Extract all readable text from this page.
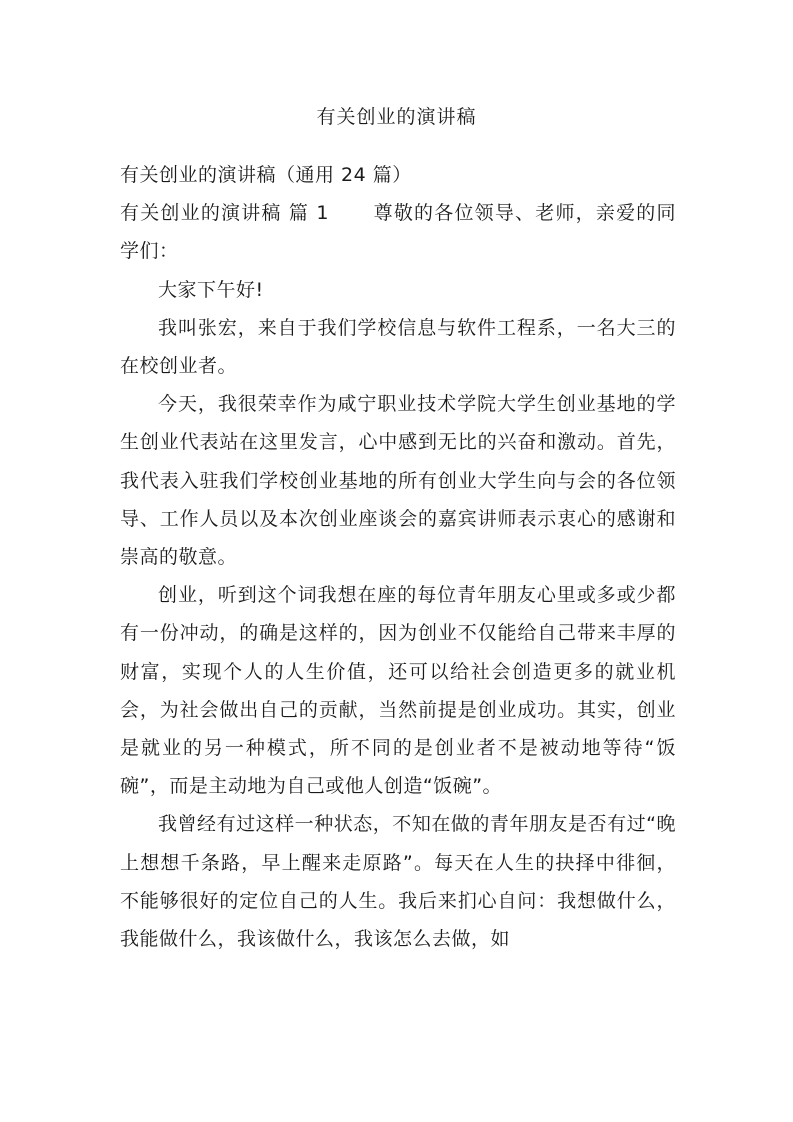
有关创业的演讲稿

有关创业的演讲稿（通用 24 篇）

有关创业的演讲稿 篇 1 尊敬的各位领导、老师，亲爱的同学们：

大家下午好!

我叫张宏，来自于我们学校信息与软件工程系，一名大三的在校创业者。

今天，我很荣幸作为咸宁职业技术学院大学生创业基地的学生创业代表站在这里发言，心中感到无比的兴奋和激动。首先，我代表入驻我们学校创业基地的所有创业大学生向与会的各位领导、工作人员以及本次创业座谈会的嘉宾讲师表示衷心的感谢和崇高的敬意。

创业，听到这个词我想在座的每位青年朋友心里或多或少都有一份冲动，的确是这样的，因为创业不仅能给自己带来丰厚的财富，实现个人的人生价值，还可以给社会创造更多的就业机会，为社会做出自己的贡献，当然前提是创业成功。其实，创业是就业的另一种模式，所不同的是创业者不是被动地等待“饭碗”，而是主动地为自己或他人创造“饭碗”。

我曾经有过这样一种状态，不知在做的青年朋友是否有过“晚上想想千条路，早上醒来走原路”。每天在人生的抉择中徘徊，不能够很好的定位自己的人生。我后来扪心自问：我想做什么，我能做什么，我该做什么，我该怎么去做，如
